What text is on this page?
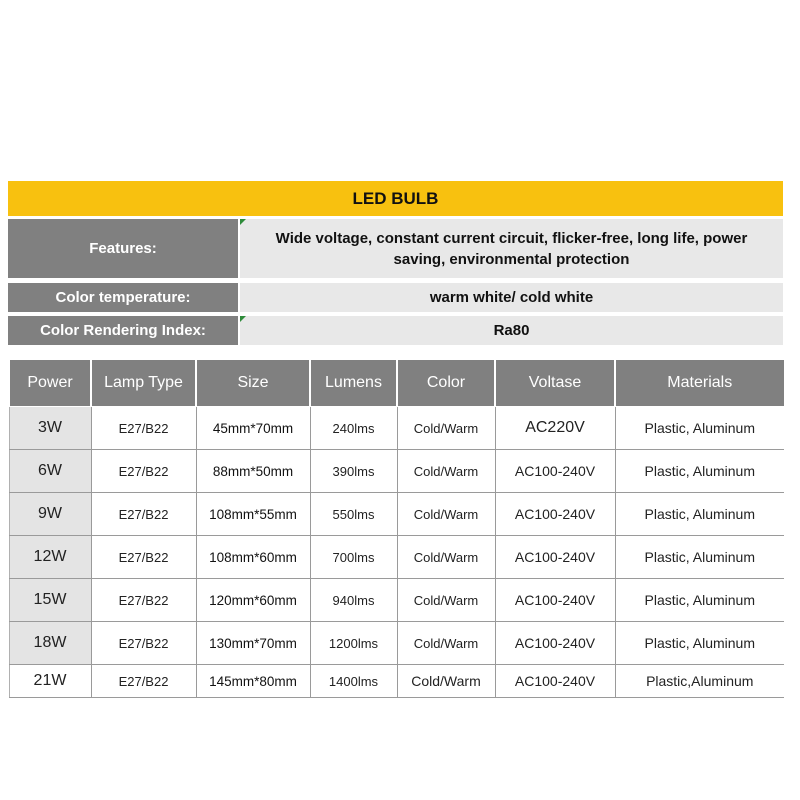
LED BULB
Features:
Wide voltage, constant current circuit, flicker-free, long life, power saving, environmental protection
Color temperature:	warm white/ cold white
Color Rendering Index:	Ra80
Power	Lamp Type	Size	Lumens	Color	Voltase	Materials
3W	E27/B22	45mm*70mm	240lms	Cold/Warm	AC220V	Plastic, Aluminum
6W	E27/B22	88mm*50mm	390lms	Cold/Warm	AC100-240V	Plastic, Aluminum
9W	E27/B22	108mm*55mm	550lms	Cold/Warm	AC100-240V	Plastic, Aluminum
12W	E27/B22	108mm*60mm	700lms	Cold/Warm	AC100-240V	Plastic, Aluminum
15W	E27/B22	120mm*60mm	940lms	Cold/Warm	AC100-240V	Plastic, Aluminum
18W	E27/B22	130mm*70mm	1200lms	Cold/Warm	AC100-240V	Plastic, Aluminum
21W	E27/B22	145mm*80mm	1400lms	Cold/Warm	AC100-240V	Plastic,Aluminum
